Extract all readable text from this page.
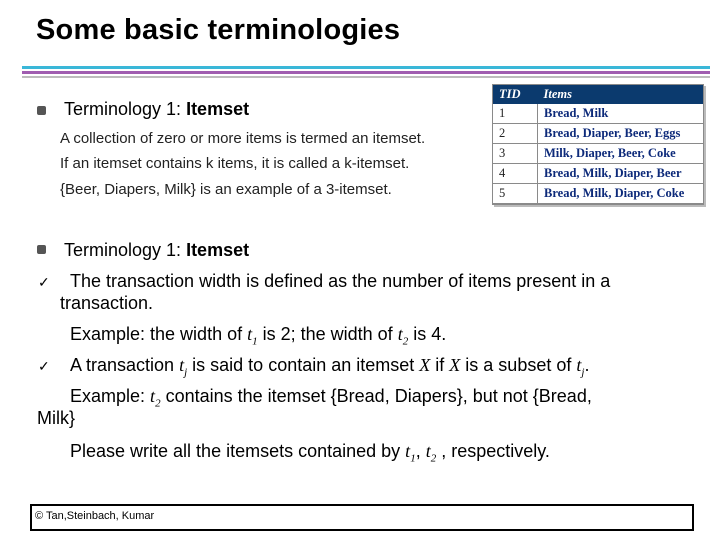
Some basic terminologies
Terminology 1: Itemset
A collection of zero or more items is termed an itemset.
If an itemset contains k items, it is called a k-itemset.
{Beer, Diapers, Milk} is an example of a 3-itemset.
TID	Items
1	Bread, Milk
2	Bread, Diaper, Beer, Eggs
3	Milk, Diaper, Beer, Coke
4	Bread, Milk, Diaper, Beer
5	Bread, Milk, Diaper, Coke
Terminology 1: Itemset
✓ The transaction width is defined as the number of items present in a
transaction.
Example: the width of $t_1$ is 2; the width of $t_2$ is 4.
✓ A transaction $t_j$ is said to contain an itemset X if X is a subset of $t_j$.
Example: $t_2$ contains the itemset {Bread, Diapers}, but not {Bread,
Milk}
Please write all the itemsets contained by $t_1$, $t_2$ , respectively.
© Tan,Steinbach, Kumar
